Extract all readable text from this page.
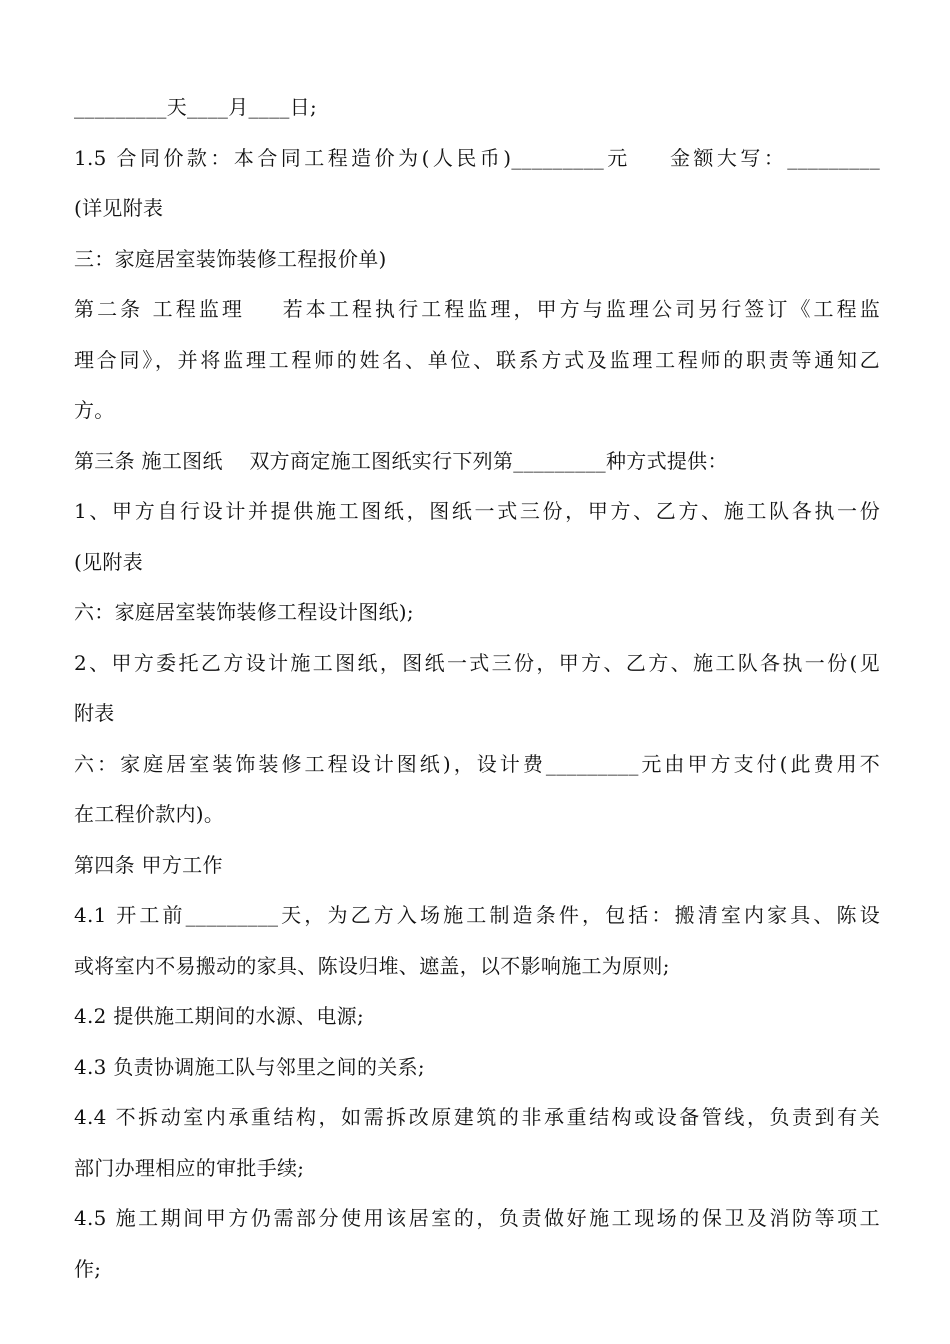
_________天____月____日;
1.5 合同价款：本合同工程造价为(人民币)_________元    金额大写：_________
(详见附表
三：家庭居室装饰装修工程报价单)
第二条 工程监理    若本工程执行工程监理，甲方与监理公司另行签订《工程监
理合同》，并将监理工程师的姓名、单位、联系方式及监理工程师的职责等通知乙
方。
第三条 施工图纸    双方商定施工图纸实行下列第_________种方式提供：
1、甲方自行设计并提供施工图纸，图纸一式三份，甲方、乙方、施工队各执一份
(见附表
六：家庭居室装饰装修工程设计图纸);
2、甲方委托乙方设计施工图纸，图纸一式三份，甲方、乙方、施工队各执一份(见
附表
六：家庭居室装饰装修工程设计图纸)，设计费_________元由甲方支付(此费用不
在工程价款内)。
第四条 甲方工作
4.1 开工前_________天，为乙方入场施工制造条件，包括：搬清室内家具、陈设
或将室内不易搬动的家具、陈设归堆、遮盖，以不影响施工为原则;
4.2 提供施工期间的水源、电源;
4.3 负责协调施工队与邻里之间的关系;
4.4 不拆动室内承重结构，如需拆改原建筑的非承重结构或设备管线，负责到有关
部门办理相应的审批手续;
4.5 施工期间甲方仍需部分使用该居室的，负责做好施工现场的保卫及消防等项工
作;
